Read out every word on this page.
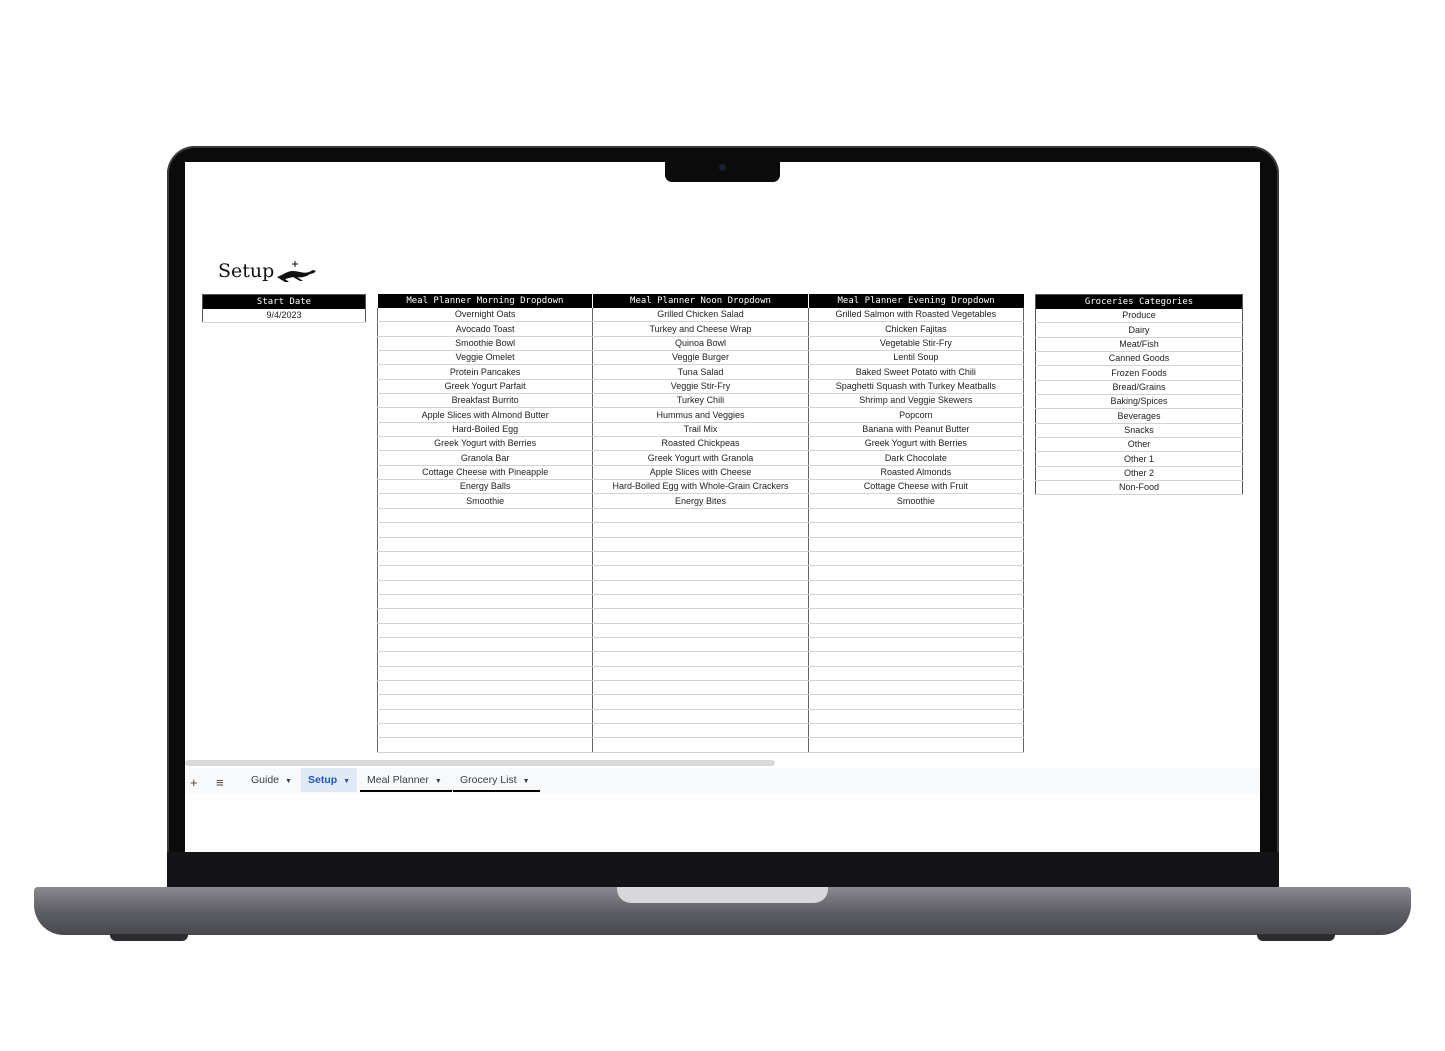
Setup
Start Date
9/4/2023
Meal Planner Morning Dropdown	Meal Planner Noon Dropdown	Meal Planner Evening Dropdown
Overnight Oats	Grilled Chicken Salad	Grilled Salmon with Roasted Vegetables
Avocado Toast	Turkey and Cheese Wrap	Chicken Fajitas
Smoothie Bowl	Quinoa Bowl	Vegetable Stir-Fry
Veggie Omelet	Veggie Burger	Lentil Soup
Protein Pancakes	Tuna Salad	Baked Sweet Potato with Chili
Greek Yogurt Parfait	Veggie Stir-Fry	Spaghetti Squash with Turkey Meatballs
Breakfast Burrito	Turkey Chili	Shrimp and Veggie Skewers
Apple Slices with Almond Butter	Hummus and Veggies	Popcorn
Hard-Boiled Egg	Trail Mix	Banana with Peanut Butter
Greek Yogurt with Berries	Roasted Chickpeas	Greek Yogurt with Berries
Granola Bar	Greek Yogurt with Granola	Dark Chocolate
Cottage Cheese with Pineapple	Apple Slices with Cheese	Roasted Almonds
Energy Balls	Hard-Boiled Egg with Whole-Grain Crackers	Cottage Cheese with Fruit
Smoothie	Energy Bites	Smoothie

Groceries Categories
Produce
Dairy
Meat/Fish
Canned Goods
Frozen Foods
Bread/Grains
Baking/Spices
Beverages
Snacks
Other
Other 1
Other 2
Non-Food
+ ≡	Guide ▼	Setup ▼	Meal Planner ▼	Grocery List ▼
